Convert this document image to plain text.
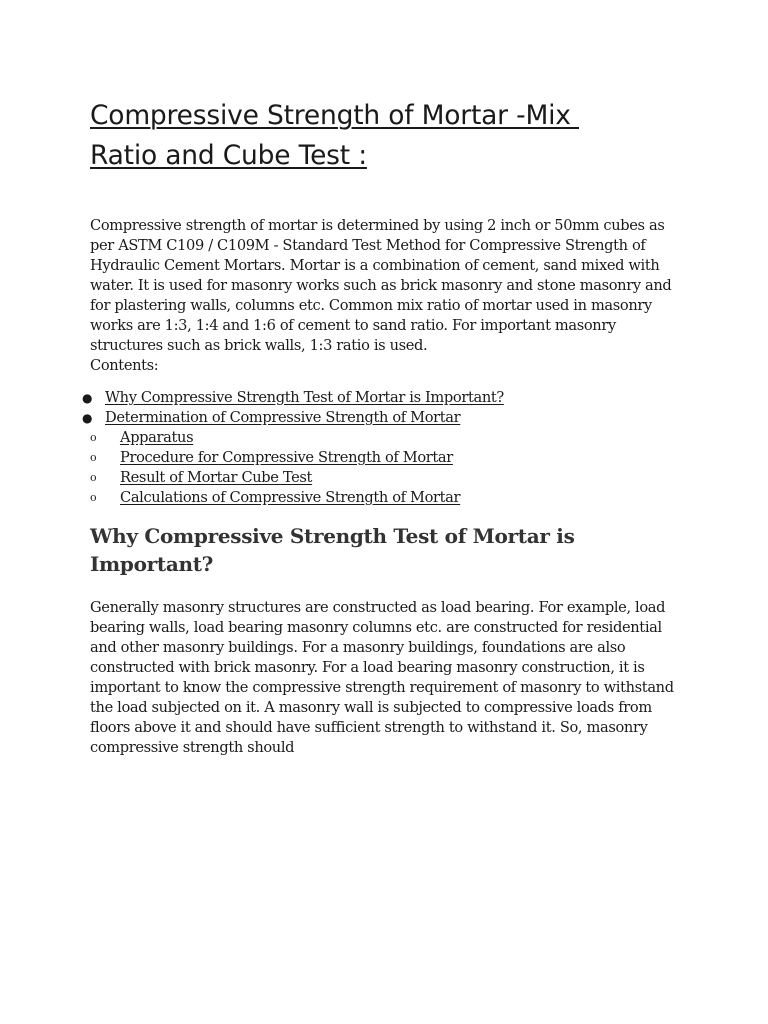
Compressive Strength of Mortar -Mix
Ratio and Cube Test :

Compressive strength of mortar is determined by using 2 inch or 50mm cubes as per ASTM C109 / C109M - Standard Test Method for Compressive Strength of Hydraulic Cement Mortars. Mortar is a combination of cement, sand mixed with water. It is used for masonry works such as brick masonry and stone masonry and for plastering walls, columns etc. Common mix ratio of mortar used in masonry works are 1:3, 1:4 and 1:6 of cement to sand ratio. For important masonry structures such as brick walls, 1:3 ratio is used.

Contents:

● Why Compressive Strength Test of Mortar is Important?
● Determination of Compressive Strength of Mortar
o Apparatus
o Procedure for Compressive Strength of Mortar
o Result of Mortar Cube Test
o Calculations of Compressive Strength of Mortar
Why Compressive Strength Test of Mortar is Important?

Generally masonry structures are constructed as load bearing. For example, load bearing walls, load bearing masonry columns etc. are constructed for residential and other masonry buildings. For a masonry buildings, foundations are also constructed with brick masonry. For a load bearing masonry construction, it is important to know the compressive strength requirement of masonry to withstand the load subjected on it. A masonry wall is subjected to compressive loads from floors above it and should have sufficient strength to withstand it. So, masonry compressive strength should
